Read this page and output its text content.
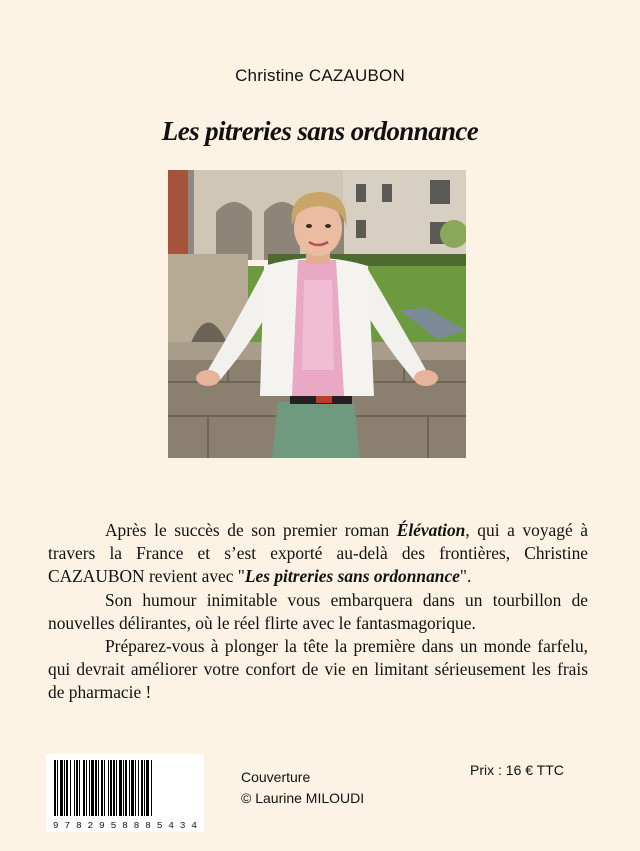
Christine CAZAUBON
Les pitreries sans ordonnance

Après le succès de son premier roman Élévation, qui a voyagé à travers la France et s’est exporté au-delà des frontières, Christine CAZAUBON revient avec "Les pitreries sans ordonnance".

Son humour inimitable vous embarquera dans un tourbillon de nouvelles délirantes, où le réel flirte avec le fantasmagorique.

Préparez-vous à plonger la tête la première dans un monde farfelu, qui devrait améliorer votre confort de vie en limitant sérieusement les frais de pharmacie !

9 7 8 2 9 5 8 8 8 5 4 3 4
Couverture
© Laurine MILOUDI
Prix : 16 € TTC
